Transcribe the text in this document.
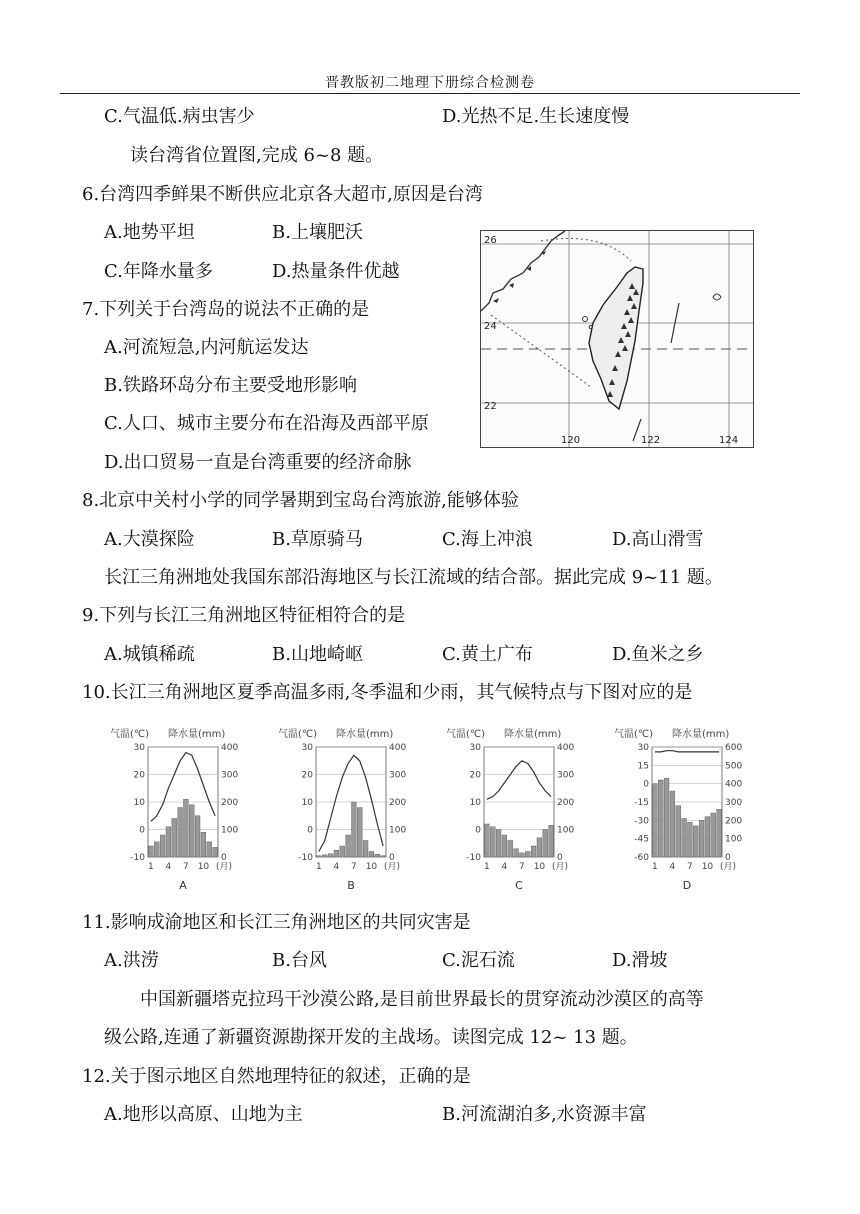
晋教版初二地理下册综合检测卷
C.气温低.病虫害少	D.光热不足.生长速度慢
读台湾省位置图,完成 6~8 题。
6.台湾四季鲜果不断供应北京各大超市,原因是台湾
A.地势平坦	B.上壤肥沃
C.年降水量多	D.热量条件优越
7.下列关于台湾岛的说法不正确的是
A.河流短急,内河航运发达
B.铁路环岛分布主要受地形影响
C.人口、城市主要分布在沿海及西部平原
D.出口贸易一直是台湾重要的经济命脉
8.北京中关村小学的同学暑期到宝岛台湾旅游,能够体验
A.大漠探险	B.草原骑马	C.海上冲浪	D.高山滑雪
长江三角洲地处我国东部沿海地区与长江流域的结合部。据此完成 9~11 题。
9.下列与长江三角洲地区特征相符合的是
A.城镇稀疏	B.山地崎岖	C.黄土广布	D.鱼米之乡
10.长江三角洲地区夏季高温多雨,冬季温和少雨，其气候特点与下图对应的是
11.影响成渝地区和长江三角洲地区的共同灾害是
A.洪涝	B.台风	C.泥石流	D.滑坡
中国新疆塔克拉玛干沙漠公路,是目前世界最长的贯穿流动沙漠区的高等
级公路,连通了新疆资源勘探开发的主战场。读图完成 12~ 13 题。
12.关于图示地区自然地理特征的叙述，正确的是
A.地形以高原、山地为主	B.河流湖泊多,水资源丰富
26
24
22
120	122	124
气温(℃) 降水量(mm)
30
20
10
0
-10
400
300
200
100
0
1 4 7 10 (月)
A
气温(℃) 降水量(mm)
30
20
10
0
-10
400
300
200
100
0
1 4 7 10 (月)
B
气温(℃) 降水量(mm)
30
20
10
0
-10
400
300
200
100
0
1 4 7 10 (月)
C
气温(℃) 降水量(mm)
30
15
0
-15
-30
-45
-60
600
500
400
300
200
100
0
1 4 7 10 (月)
D
